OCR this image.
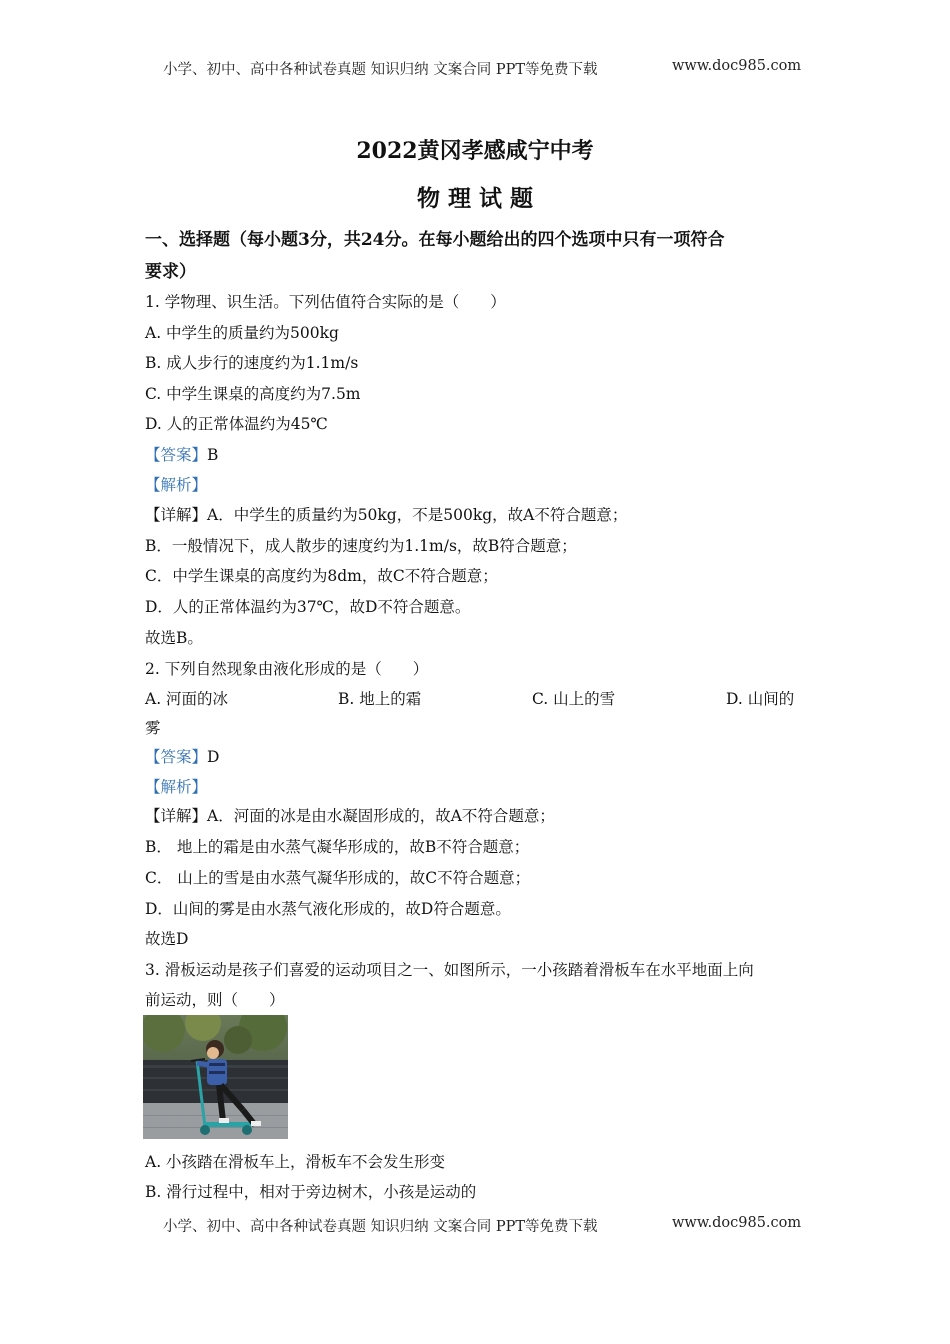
小学、初中、高中各种试卷真题 知识归纳 文案合同 PPT等免费下载	www.doc985.com
2022黄冈孝感咸宁中考
物 理 试 题
一、选择题（每小题3分，共24分。在每小题给出的四个选项中只有一项符合
要求）
1. 学物理、识生活。下列估值符合实际的是（　　）
A. 中学生的质量约为500kg
B. 成人步行的速度约为1.1m/s
C. 中学生课桌的高度约为7.5m
D. 人的正常体温约为45℃
【答案】B
【解析】
【详解】A．中学生的质量约为50kg，不是500kg，故A不符合题意；
B．一般情况下，成人散步的速度约为1.1m/s，故B符合题意；
C．中学生课桌的高度约为8dm，故C不符合题意；
D．人的正常体温约为37℃，故D不符合题意。
故选B。
2. 下列自然现象由液化形成的是（　　）
A. 河面的冰	B. 地上的霜	C. 山上的雪	D. 山间的
雾
【答案】D
【解析】
【详解】A．河面的冰是由水凝固形成的，故A不符合题意；
B． 地上的霜是由水蒸气凝华形成的，故B不符合题意；
C． 山上的雪是由水蒸气凝华形成的，故C不符合题意；
D．山间的雾是由水蒸气液化形成的，故D符合题意。
故选D
3. 滑板运动是孩子们喜爱的运动项目之一、如图所示，一小孩踏着滑板车在水平地面上向
前运动，则（　　）
A. 小孩踏在滑板车上，滑板车不会发生形变
B. 滑行过程中，相对于旁边树木，小孩是运动的
小学、初中、高中各种试卷真题 知识归纳 文案合同 PPT等免费下载	www.doc985.com
